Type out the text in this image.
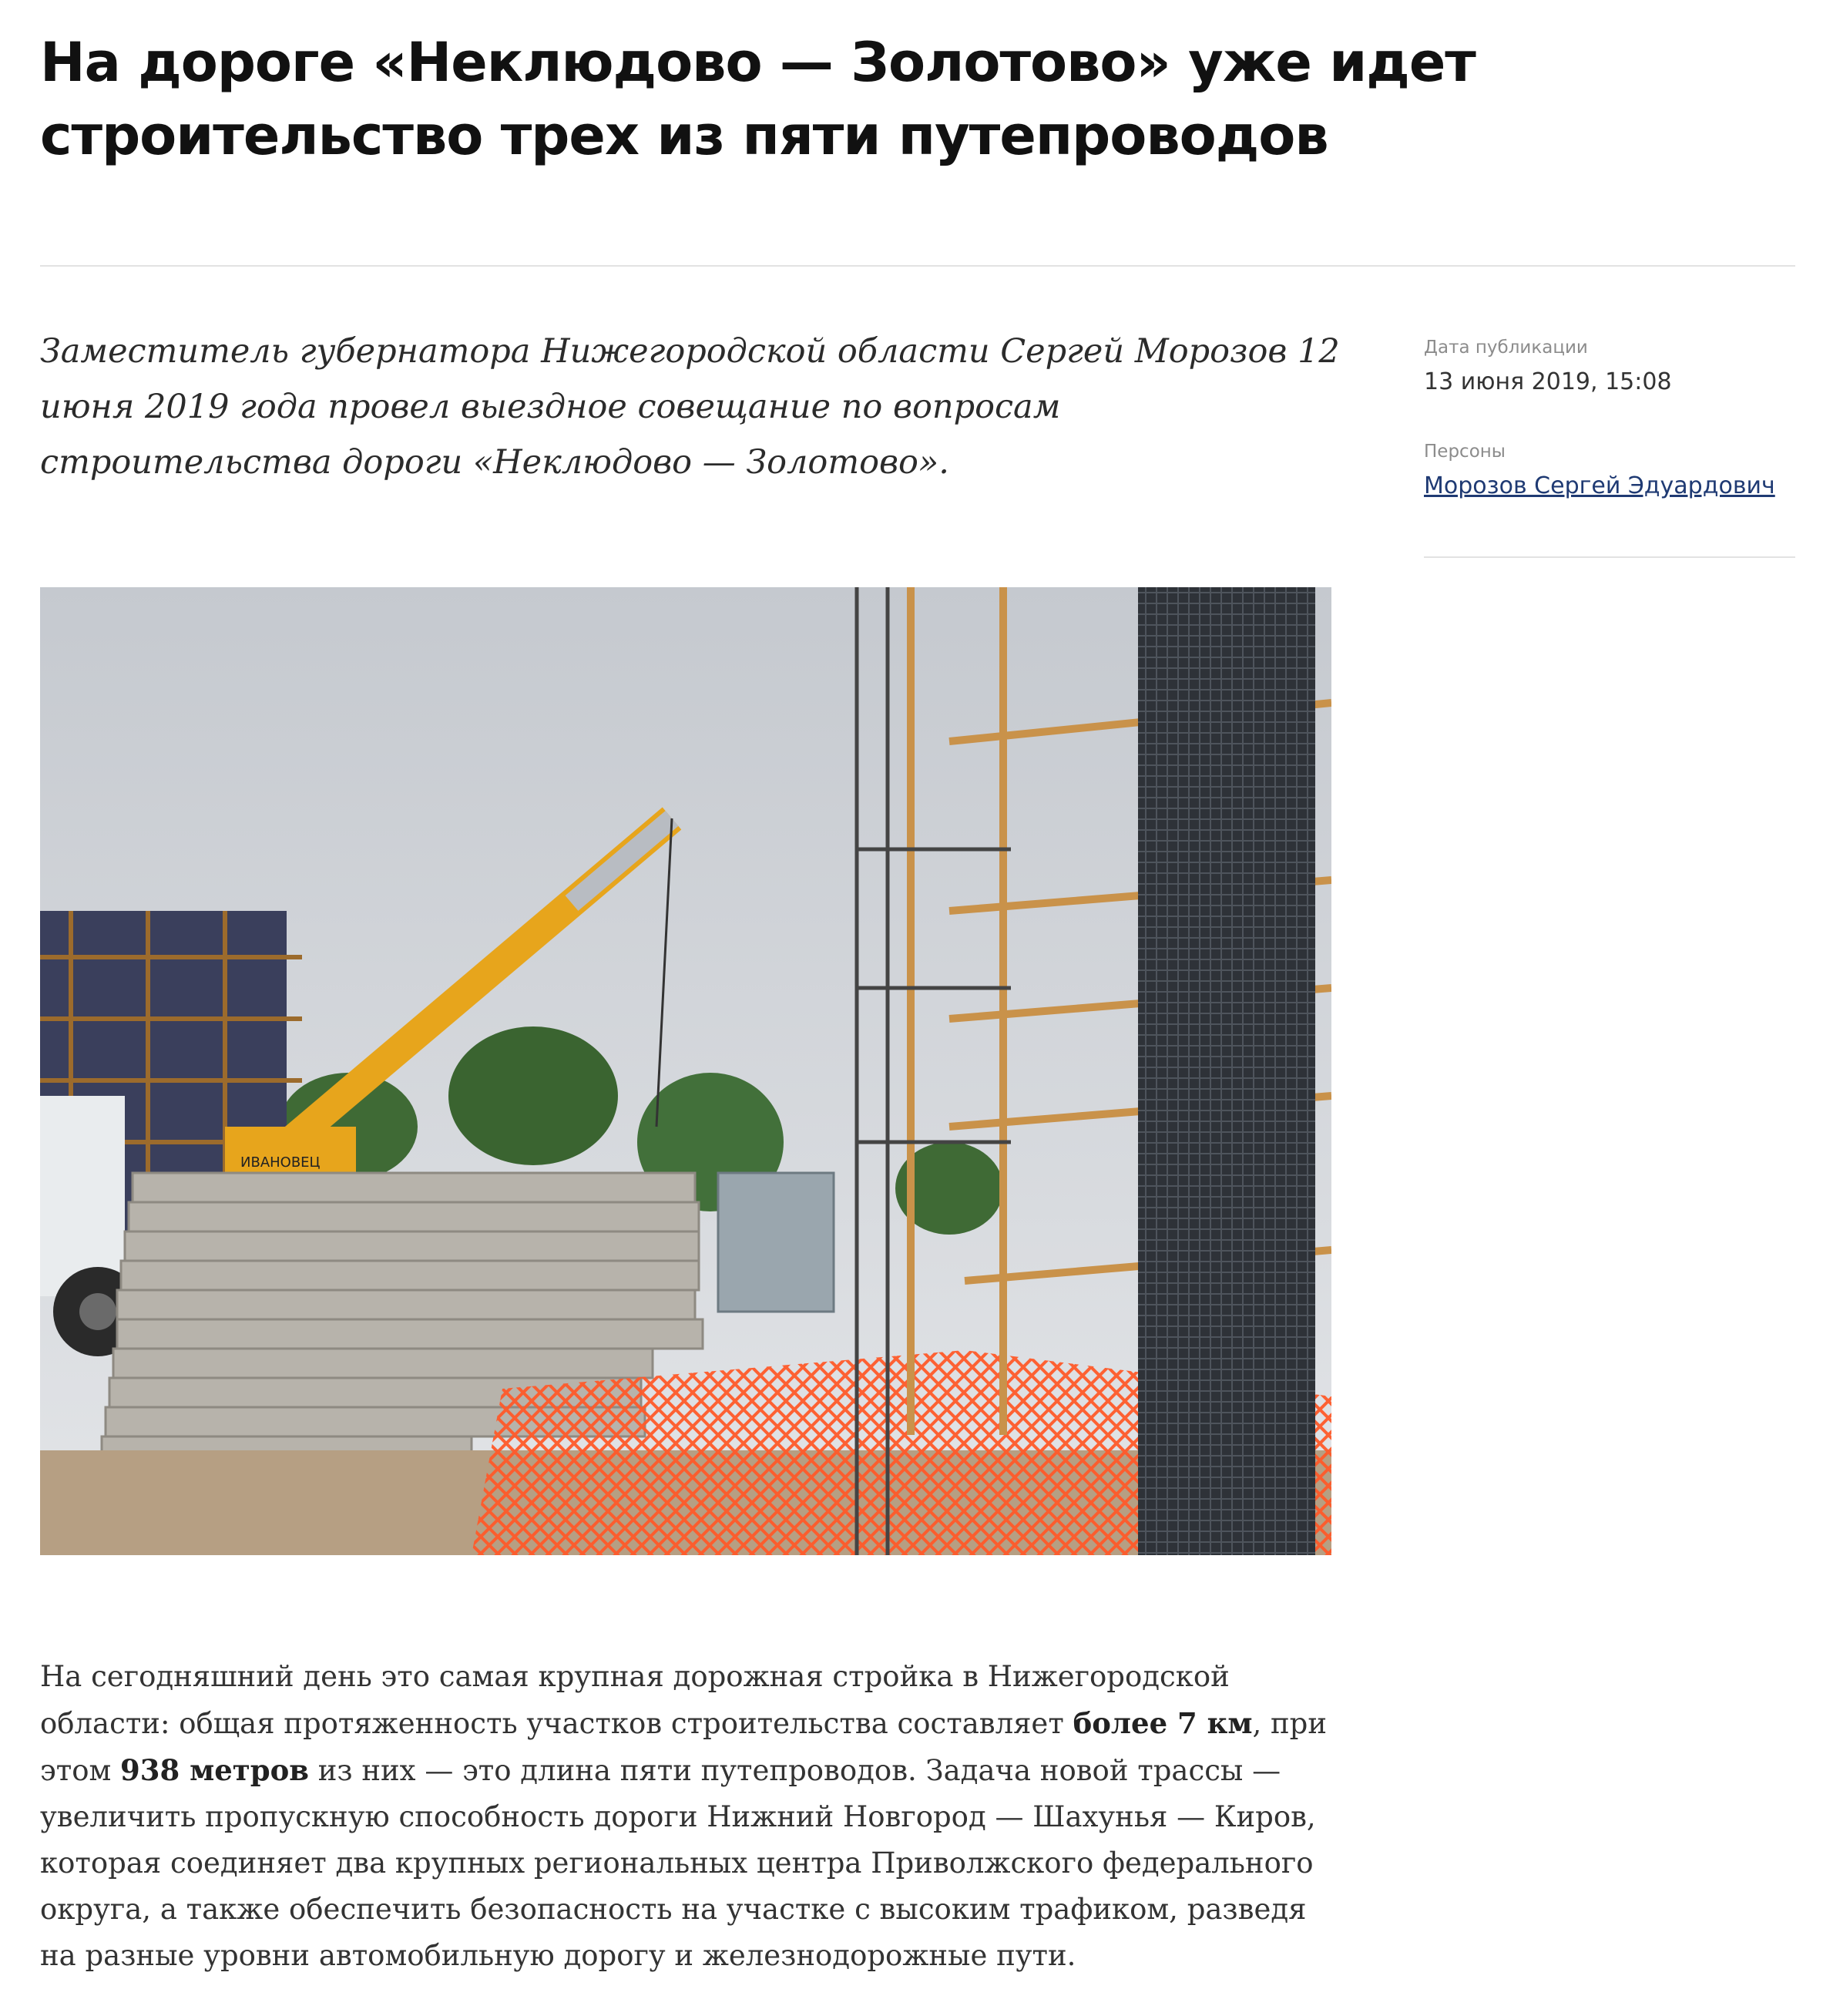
На дороге «Неклюдово — Золотово» уже идет строительство трех из пяти путепроводов
Заместитель губернатора Нижегородской области Сергей Морозов 12 июня 2019 года провел выездное совещание по вопросам строительства дороги «Неклюдово — Золотово».
Дата публикации
13 июня 2019, 15:08
Персоны
Морозов Сергей Эдуардович
ИВАНОВЕЦ
На сегодняшний день это самая крупная дорожная стройка в Нижегородской области: общая протяженность участков строительства составляет более 7 км, при этом 938 метров из них — это длина пяти путепроводов. Задача новой трассы — увеличить пропускную способность дороги Нижний Новгород — Шахунья — Киров, которая соединяет два крупных региональных центра Приволжского федерального округа, а также обеспечить безопасность на участке с высоким трафиком, разведя на разные уровни автомобильную дорогу и железнодорожные пути.
